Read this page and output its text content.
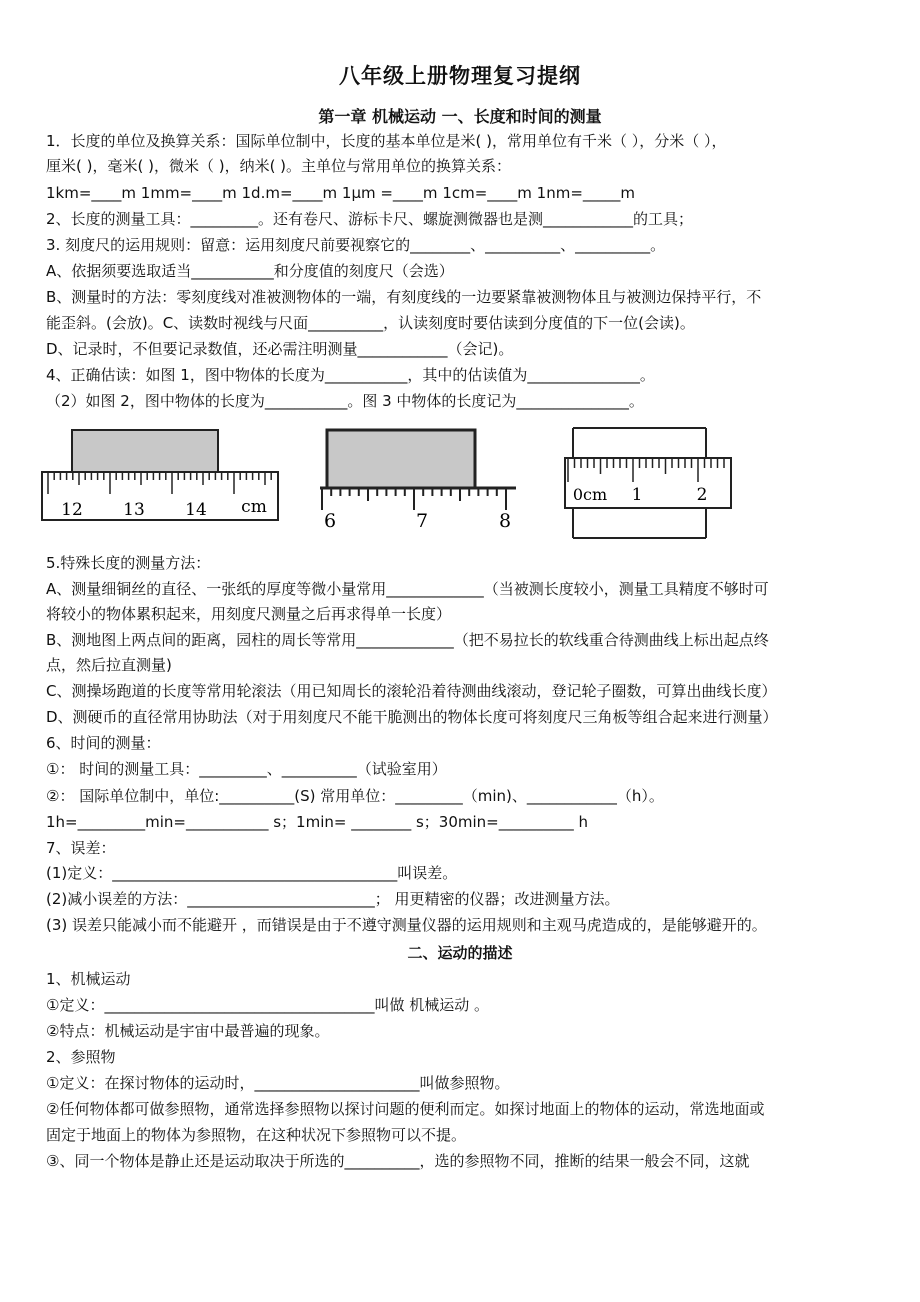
八年级上册物理复习提纲
第一章 机械运动 一、长度和时间的测量
1．长度的单位及换算关系：国际单位制中，长度的基本单位是米( )，常用单位有千米（ ），分米（ ），
厘米( )，毫米( )，微米（ )，纳米( )。主单位与常用单位的换算关系：
1km=____m 1mm=____m 1d.m=____m 1μm =____m 1cm=____m 1nm=_____m
2、长度的测量工具：_________。还有卷尺、游标卡尺、螺旋测微器也是测____________的工具；
3. 刻度尺的运用规则：留意：运用刻度尺前要视察它的________、__________、__________。
A、依据须要选取适当___________和分度值的刻度尺（会选）
B、测量时的方法：零刻度线对准被测物体的一端，有刻度线的一边要紧靠被测物体且与被测边保持平行，不
能歪斜。(会放)。C、读数时视线与尺面__________，认读刻度时要估读到分度值的下一位(会读)。
D、记录时，不但要记录数值，还必需注明测量____________（会记)。
4、正确估读：如图 1，图中物体的长度为___________，其中的估读值为_______________。
（2）如图 2，图中物体的长度为___________。图 3 中物体的长度记为_______________。
12 13 14 cm
6	7	8
0cm 1	2
5.特殊长度的测量方法：
A、测量细铜丝的直径、一张纸的厚度等微小量常用_____________（当被测长度较小，测量工具精度不够时可
将较小的物体累积起来，用刻度尺测量之后再求得单一长度）
B、测地图上两点间的距离，园柱的周长等常用_____________（把不易拉长的软线重合待测曲线上标出起点终
点，然后拉直测量)
C、测操场跑道的长度等常用轮滚法（用已知周长的滚轮沿着待测曲线滚动，登记轮子圈数，可算出曲线长度）
D、测硬币的直径常用协助法（对于用刻度尺不能干脆测出的物体长度可将刻度尺三角板等组合起来进行测量）
6、时间的测量：
①： 时间的测量工具：_________、__________（试验室用）
②： 国际单位制中，单位:__________(S) 常用单位：_________（min)、____________（h）。
1h=_________min=___________ s；1min= ________ s；30min=__________ h
7、误差：
(1)定义：______________________________________叫误差。
(2)减小误差的方法：_________________________； 用更精密的仪器；改进测量方法。
(3) 误差只能减小而不能避开 ，而错误是由于不遵守测量仪器的运用规则和主观马虎造成的，是能够避开的。
二、运动的描述
1、机械运动
①定义：____________________________________叫做 机械运动 。
②特点：机械运动是宇宙中最普遍的现象。
2、参照物
①定义：在探讨物体的运动时，______________________叫做参照物。
②任何物体都可做参照物，通常选择参照物以探讨问题的便利而定。如探讨地面上的物体的运动，常选地面或
固定于地面上的物体为参照物，在这种状况下参照物可以不提。
③、同一个物体是静止还是运动取决于所选的__________，选的参照物不同，推断的结果一般会不同，这就
